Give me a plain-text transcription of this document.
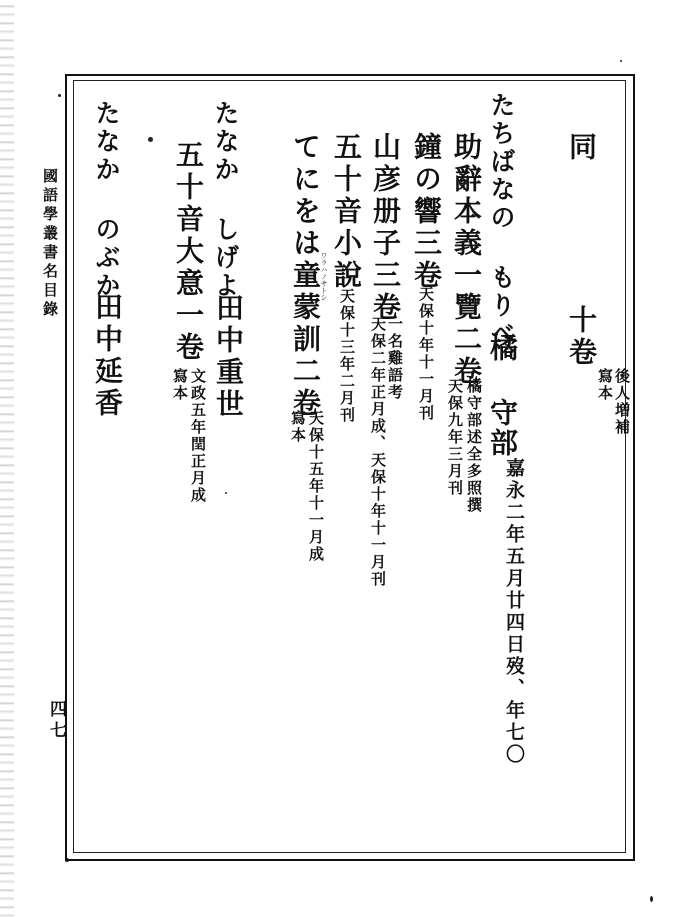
國語學叢書名目錄
四七
同
十卷
後人増補
寫本
たちばなの もりべ
橘 守部
嘉永二年五月廿四日歿、年七〇
助辭本義一覽二卷
橘守部述全多照撰
天保九年三月刊
鐘の響三卷
天保十年十一月刊
山彦册子三卷
一名雞語考
天保二年正月成、天保十年十一月刊
五十音小說
天保十三年二月刊
てにをは童蒙訓二卷
ワラハノサトシ
天保十五年十一月成
寫本
たなか しげよ
田中重世
五十音大意一卷
文政五年閏正月成
寫本
たなか のぶか
田中延香
